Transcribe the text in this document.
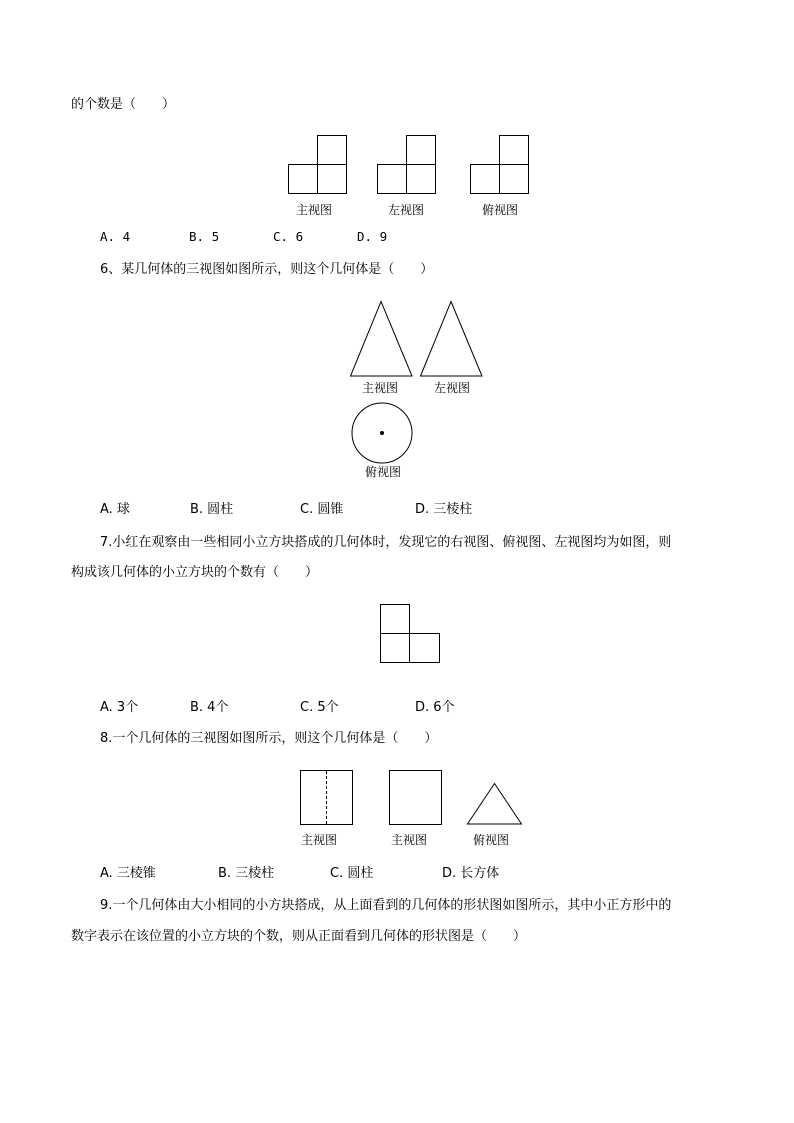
的个数是（　　）
主视图	左视图	俯视图
A. 4	B. 5	C. 6	D. 9
6、某几何体的三视图如图所示，则这个几何体是（　　）
主视图	左视图
俯视图
A. 球	B. 圆柱	C. 圆锥	D. 三棱柱
7.小红在观察由一些相同小立方块搭成的几何体时，发现它的右视图、俯视图、左视图均为如图，则
构成该几何体的小立方块的个数有（　　）
A. 3个	B. 4个	C. 5个	D. 6个
8.一个几何体的三视图如图所示，则这个几何体是（　　）
主视图	主视图	俯视图
A. 三棱锥	B. 三棱柱	C. 圆柱	D. 长方体
9.一个几何体由大小相同的小方块搭成，从上面看到的几何体的形状图如图所示，其中小正方形中的
数字表示在该位置的小立方块的个数，则从正面看到几何体的形状图是（　　）
